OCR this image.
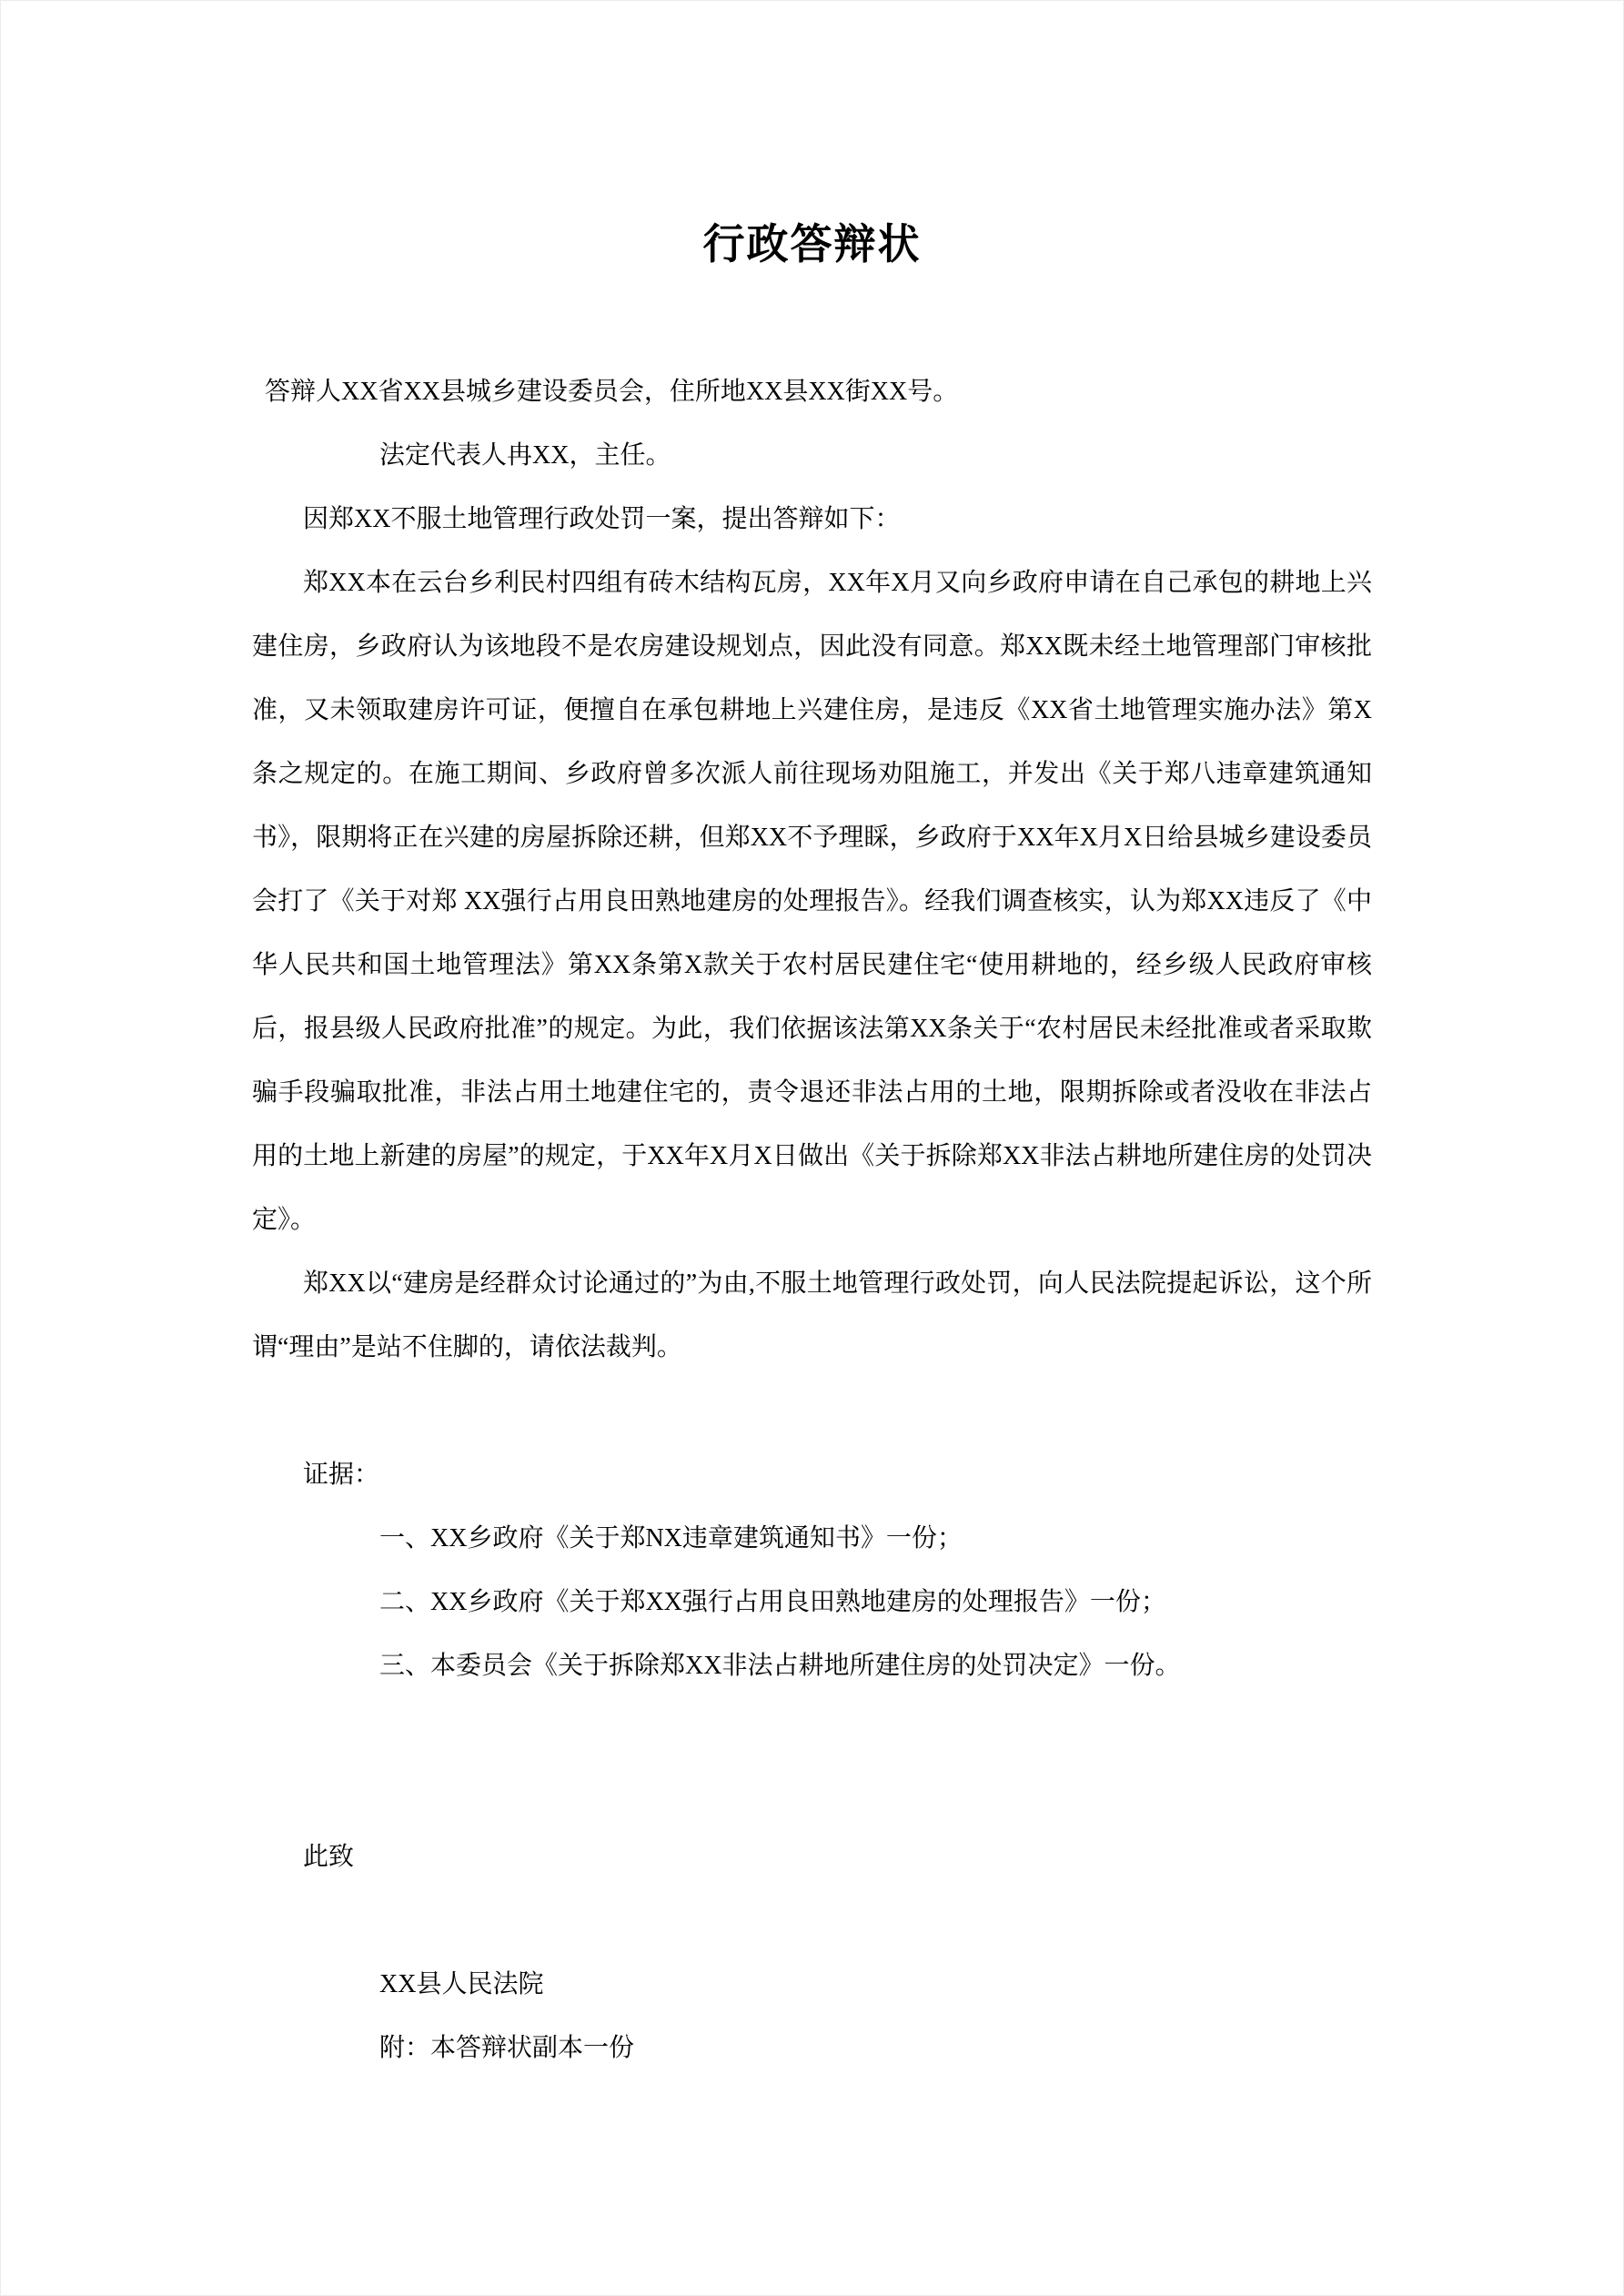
行政答辩状

答辩人XX省XX县城乡建设委员会，住所地XX县XX街XX号。

法定代表人冉XX，主任。

因郑XX不服土地管理行政处罚一案，提出答辩如下：

郑XX本在云台乡利民村四组有砖木结构瓦房，XX年X月又向乡政府申请在自己承包的耕地上兴建住房，乡政府认为该地段不是农房建设规划点，因此没有同意。郑XX既未经土地管理部门审核批准，又未领取建房许可证，便擅自在承包耕地上兴建住房，是违反《XX省土地管理实施办法》第X条之规定的。在施工期间、乡政府曾多次派人前往现场劝阻施工，并发出《关于郑八违章建筑通知书》，限期将正在兴建的房屋拆除还耕，但郑XX不予理睬，乡政府于XX年X月X日给县城乡建设委员会打了《关于对郑 XX强行占用良田熟地建房的处理报告》。经我们调查核实，认为郑XX违反了《中华人民共和国土地管理法》第XX条第X款关于农村居民建住宅“使用耕地的，经乡级人民政府审核后，报县级人民政府批准”的规定。为此，我们依据该法第XX条关于“农村居民未经批准或者采取欺骗手段骗取批准，非法占用土地建住宅的，责令退还非法占用的土地，限期拆除或者没收在非法占用的土地上新建的房屋”的规定，于XX年X月X日做出《关于拆除郑XX非法占耕地所建住房的处罚决定》。

郑XX以“建房是经群众讨论通过的”为由,不服土地管理行政处罚，向人民法院提起诉讼，这个所谓“理由”是站不住脚的，请依法裁判。

证据：

一、XX乡政府《关于郑NX违章建筑通知书》一份；

二、XX乡政府《关于郑XX强行占用良田熟地建房的处理报告》一份；

三、本委员会《关于拆除郑XX非法占耕地所建住房的处罚决定》一份。

此致

XX县人民法院

附：本答辩状副本一份
